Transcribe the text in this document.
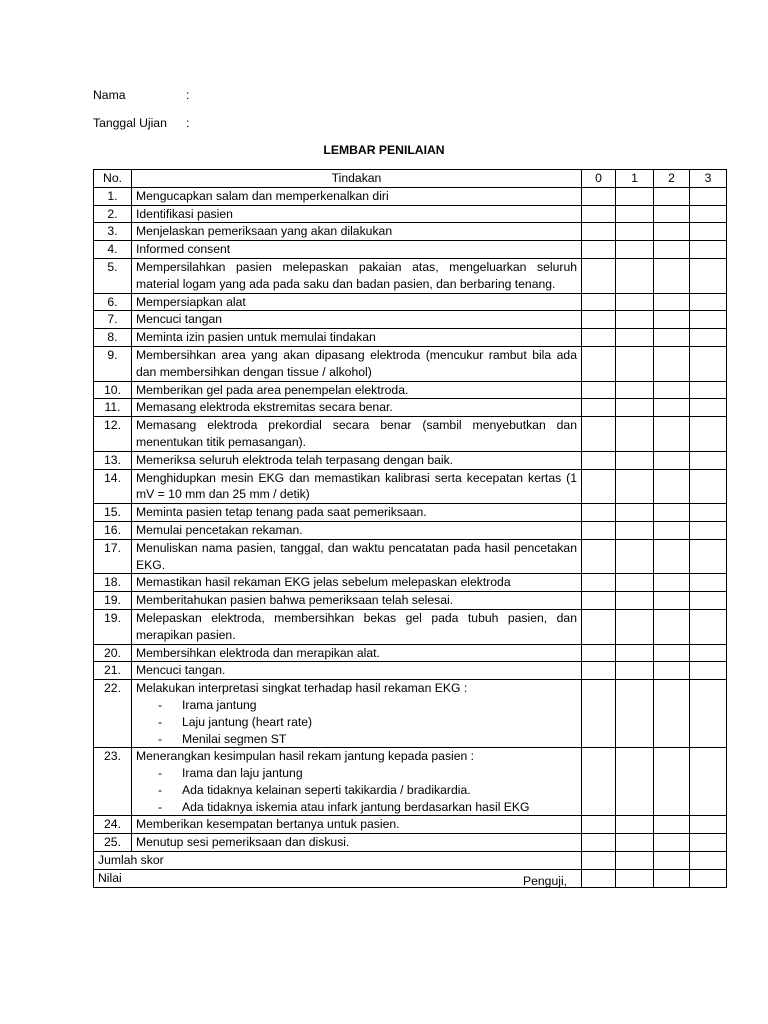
Nama	:
Tanggal Ujian :
LEMBAR PENILAIAN
No.	Tindakan	0	1	2	3
1.	Mengucapkan salam dan memperkenalkan diri				
2.	Identifikasi pasien				
3.	Menjelaskan pemeriksaan yang akan dilakukan				
4.	Informed consent				
5.	Mempersilahkan pasien melepaskan pakaian atas, mengeluarkan seluruh material logam yang ada pada saku dan badan pasien, dan berbaring tenang.				
6.	Mempersiapkan alat				
7.	Mencuci tangan				
8.	Meminta izin pasien untuk memulai tindakan				
9.	Membersihkan area yang akan dipasang elektroda (mencukur rambut bila ada dan membersihkan dengan tissue / alkohol)				
10.	Memberikan gel pada area penempelan elektroda.				
11.	Memasang elektroda ekstremitas secara benar.				
12.	Memasang elektroda prekordial secara benar (sambil menyebutkan dan menentukan titik pemasangan).				
13.	Memeriksa seluruh elektroda telah terpasang dengan baik.				
14.	Menghidupkan mesin EKG dan memastikan kalibrasi serta kecepatan kertas (1 mV = 10 mm dan 25 mm / detik)				
15.	Meminta pasien tetap tenang pada saat pemeriksaan.				
16.	Memulai pencetakan rekaman.				
17.	Menuliskan nama pasien, tanggal, dan waktu pencatatan pada hasil pencetakan EKG.				
18.	Memastikan hasil rekaman EKG jelas sebelum melepaskan elektroda				
19.	Memberitahukan pasien bahwa pemeriksaan telah selesai.				
19.	Melepaskan elektroda, membersihkan bekas gel pada tubuh pasien, dan merapikan pasien.				
20.	Membersihkan elektroda dan merapikan alat.				
21.	Mencuci tangan.				
22.	Melakukan interpretasi singkat terhadap hasil rekaman EKG :
- Irama jantung
- Laju jantung (heart rate)
- Menilai segmen ST				

23.	Menerangkan kesimpulan hasil rekam jantung kepada pasien :
- Irama dan laju jantung
- Ada tidaknya kelainan seperti takikardia / bradikardia.
- Ada tidaknya iskemia atau infark jantung berdasarkan hasil EKG				

24.	Memberikan kesempatan bertanya untuk pasien.				
25.	Menutup sesi pemeriksaan dan diskusi.				
Jumlah skor					
Nilai						Penguji,
